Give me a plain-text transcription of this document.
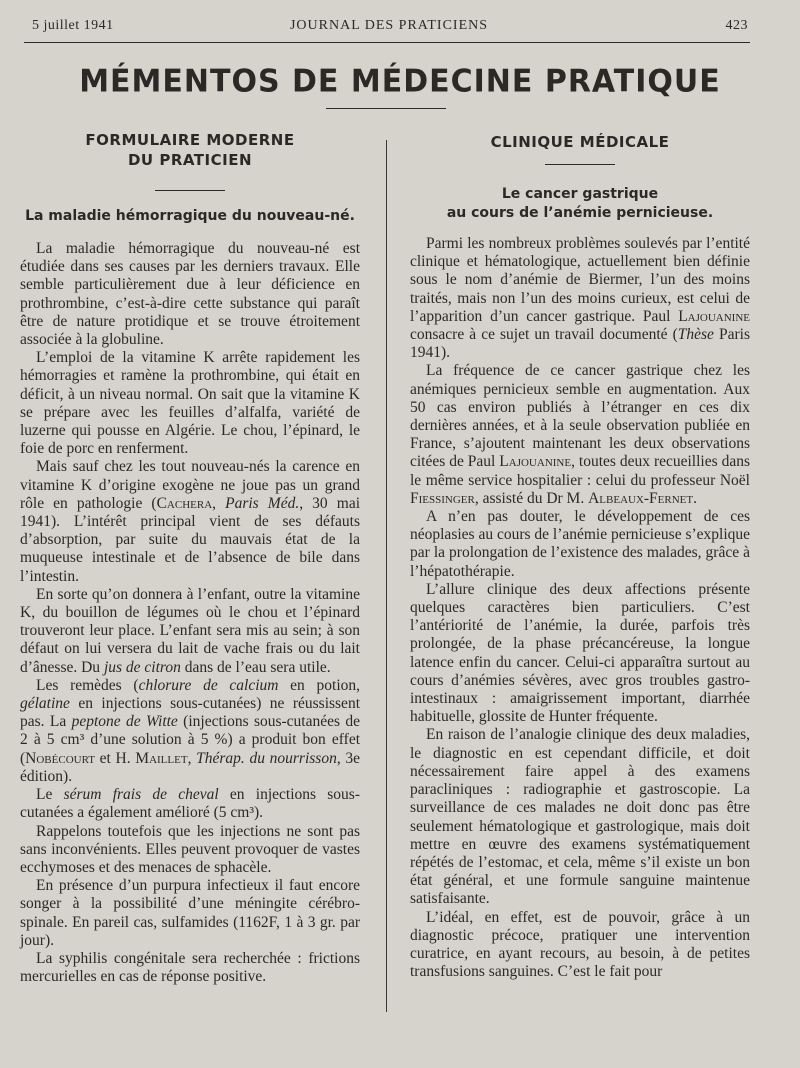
5 juillet 1941	JOURNAL DES PRATICIENS	423
MÉMENTOS DE MÉDECINE PRATIQUE

FORMULAIRE MODERNE

DU PRATICIEN

La maladie hémorragique du nouveau-né.

La maladie hémorragique du nouveau-né est étudiée dans ses causes par les derniers travaux. Elle semble particulièrement due à leur déficience en prothrombine, c’est-à-dire cette substance qui paraît être de nature protidique et se trouve étroitement associée à la globuline.

L’emploi de la vitamine K arrête rapidement les hémorragies et ramène la prothrombine, qui était en déficit, à un niveau normal. On sait que la vitamine K se prépare avec les feuilles d’alfalfa, variété de luzerne qui pousse en Algérie. Le chou, l’épinard, le foie de porc en renferment.

Mais sauf chez les tout nouveau-nés la carence en vitamine K d’origine exogène ne joue pas un grand rôle en pathologie (Cachera, Paris Méd., 30 mai 1941). L’intérêt principal vient de ses défauts d’absorption, par suite du mauvais état de la muqueuse intestinale et de l’absence de bile dans l’intestin.

En sorte qu’on donnera à l’enfant, outre la vitamine K, du bouillon de légumes où le chou et l’épinard trouveront leur place. L’enfant sera mis au sein; à son défaut on lui versera du lait de vache frais ou du lait d’ânesse. Du jus de citron dans de l’eau sera utile.

Les remèdes (chlorure de calcium en potion, gélatine en injections sous-cutanées) ne réussissent pas. La peptone de Witte (injections sous-cutanées de 2 à 5 cm³ d’une solution à 5 %) a produit bon effet (Nobécourt et H. Maillet, Thérap. du nourrisson, 3e édition).

Le sérum frais de cheval en injections sous-cutanées a également amélioré (5 cm³).

Rappelons toutefois que les injections ne sont pas sans inconvénients. Elles peuvent provoquer de vastes ecchymoses et des menaces de sphacèle.

En présence d’un purpura infectieux il faut encore songer à la possibilité d’une méningite cérébro-spinale. En pareil cas, sulfamides (1162F, 1 à 3 gr. par jour).

La syphilis congénitale sera recherchée : frictions mercurielles en cas de réponse positive.

CLINIQUE MÉDICALE

Le cancer gastrique

au cours de l’anémie pernicieuse.

Parmi les nombreux problèmes soulevés par l’entité clinique et hématologique, actuellement bien définie sous le nom d’anémie de Biermer, l’un des moins traités, mais non l’un des moins curieux, est celui de l’apparition d’un cancer gastrique. Paul Lajouanine consacre à ce sujet un travail documenté (Thèse Paris 1941).

La fréquence de ce cancer gastrique chez les anémiques pernicieux semble en augmentation. Aux 50 cas environ publiés à l’étranger en ces dix dernières années, et à la seule observation publiée en France, s’ajoutent maintenant les deux observations citées de Paul Lajouanine, toutes deux recueillies dans le même service hospitalier : celui du professeur Noël Fiessinger, assisté du Dr M. Albeaux-Fernet.

A n’en pas douter, le développement de ces néoplasies au cours de l’anémie pernicieuse s’explique par la prolongation de l’existence des malades, grâce à l’hépatothérapie.

L’allure clinique des deux affections présente quelques caractères bien particuliers. C’est l’antériorité de l’anémie, la durée, parfois très prolongée, de la phase précancéreuse, la longue latence enfin du cancer. Celui-ci apparaîtra surtout au cours d’anémies sévères, avec gros troubles gastro-intestinaux : amaigrissement important, diarrhée habituelle, glossite de Hunter fréquente.

En raison de l’analogie clinique des deux maladies, le diagnostic en est cependant difficile, et doit nécessairement faire appel à des examens paracliniques : radiographie et gastroscopie. La surveillance de ces malades ne doit donc pas être seulement hématologique et gastrologique, mais doit mettre en œuvre des examens systématiquement répétés de l’estomac, et cela, même s’il existe un bon état général, et une formule sanguine maintenue satisfaisante.

L’idéal, en effet, est de pouvoir, grâce à un diagnostic précoce, pratiquer une intervention curatrice, en ayant recours, au besoin, à de petites transfusions sanguines. C’est le fait pour
